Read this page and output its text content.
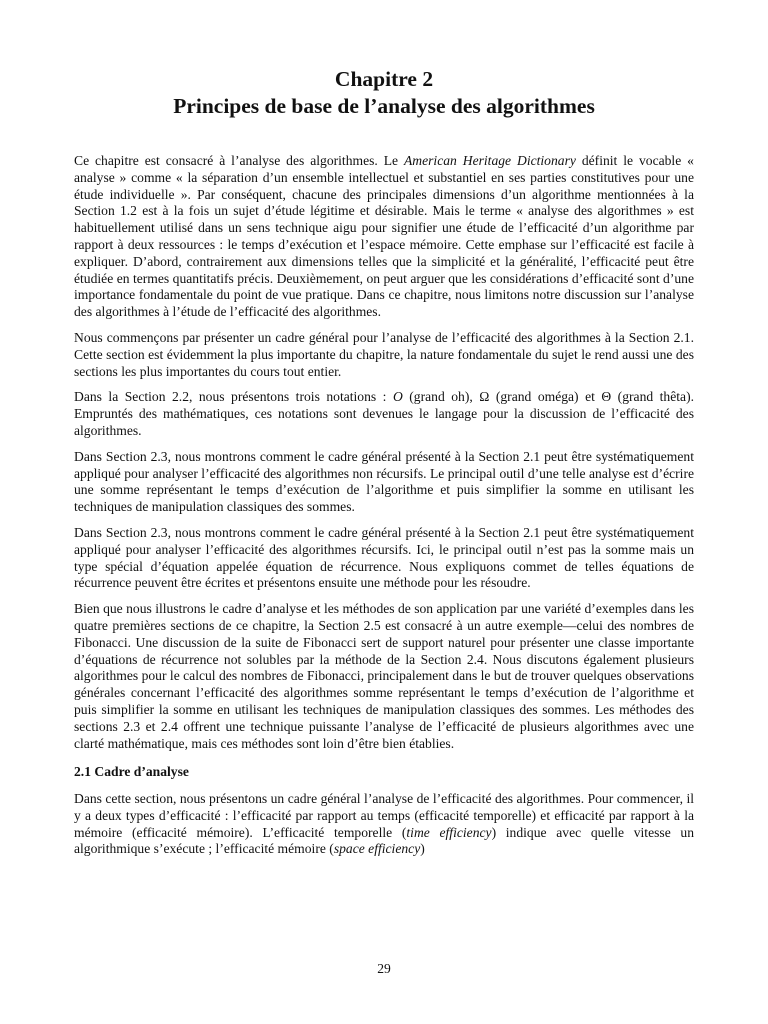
Chapitre 2
Principes de base de l’analyse des algorithmes

Ce chapitre est consacré à l’analyse des algorithmes. Le American Heritage Dictionary définit le vocable « analyse » comme « la séparation d’un ensemble intellectuel et substantiel en ses parties constitutives pour une étude individuelle ». Par conséquent, chacune des principales dimensions d’un algorithme mentionnées à la Section 1.2 est à la fois un sujet d’étude légitime et désirable. Mais le terme « analyse des algorithmes » est habituellement utilisé dans un sens technique aigu pour signifier une étude de l’efficacité d’un algorithme par rapport à deux ressources : le temps d’exécution et l’espace mémoire. Cette emphase sur l’efficacité est facile à expliquer. D’abord, contrairement aux dimensions telles que la simplicité et la généralité, l’efficacité peut être étudiée en termes quantitatifs précis. Deuxièmement, on peut arguer que les considérations d’efficacité sont d’une importance fondamentale du point de vue pratique. Dans ce chapitre, nous limitons notre discussion sur l’analyse des algorithmes à l’étude de l’efficacité des algorithmes.

Nous commençons par présenter un cadre général pour l’analyse de l’efficacité des algorithmes à la Section 2.1. Cette section est évidemment la plus importante du chapitre, la nature fondamentale du sujet le rend aussi une des sections les plus importantes du cours tout entier.

Dans la Section 2.2, nous présentons trois notations : O (grand oh), Ω (grand oméga) et Θ (grand thêta). Empruntés des mathématiques, ces notations sont devenues le langage pour la discussion de l’efficacité des algorithmes.

Dans Section 2.3, nous montrons comment le cadre général présenté à la Section 2.1 peut être systématiquement appliqué pour analyser l’efficacité des algorithmes non récursifs. Le principal outil d’une telle analyse est d’écrire une somme représentant le temps d’exécution de l’algorithme et puis simplifier la somme en utilisant les techniques de manipulation classiques des sommes.

Dans Section 2.3, nous montrons comment le cadre général présenté à la Section 2.1 peut être systématiquement appliqué pour analyser l’efficacité des algorithmes récursifs. Ici, le principal outil n’est pas la somme mais un type spécial d’équation appelée équation de récurrence. Nous expliquons commet de telles équations de récurrence peuvent être écrites et présentons ensuite une méthode pour les résoudre.

Bien que nous illustrons le cadre d’analyse et les méthodes de son application par une variété d’exemples dans les quatre premières sections de ce chapitre, la Section 2.5 est consacré à un autre exemple—celui des nombres de Fibonacci. Une discussion de la suite de Fibonacci sert de support naturel pour présenter une classe importante d’équations de récurrence not solubles par la méthode de la Section 2.4. Nous discutons également plusieurs algorithmes pour le calcul des nombres de Fibonacci, principalement dans le but de trouver quelques observations générales concernant l’efficacité des algorithmes somme représentant le temps d’exécution de l’algorithme et puis simplifier la somme en utilisant les techniques de manipulation classiques des sommes. Les méthodes des sections 2.3 et 2.4 offrent une technique puissante l’analyse de l’efficacité de plusieurs algorithmes avec une clarté mathématique, mais ces méthodes sont loin d’être bien établies.

2.1 Cadre d’analyse

Dans cette section, nous présentons un cadre général l’analyse de l’efficacité des algorithmes. Pour commencer, il y a deux types d’efficacité : l’efficacité par rapport au temps (efficacité temporelle) et efficacité par rapport à la mémoire (efficacité mémoire). L’efficacité temporelle (time efficiency) indique avec quelle vitesse un algorithmique s’exécute ; l’efficacité mémoire (space efficiency)

29
